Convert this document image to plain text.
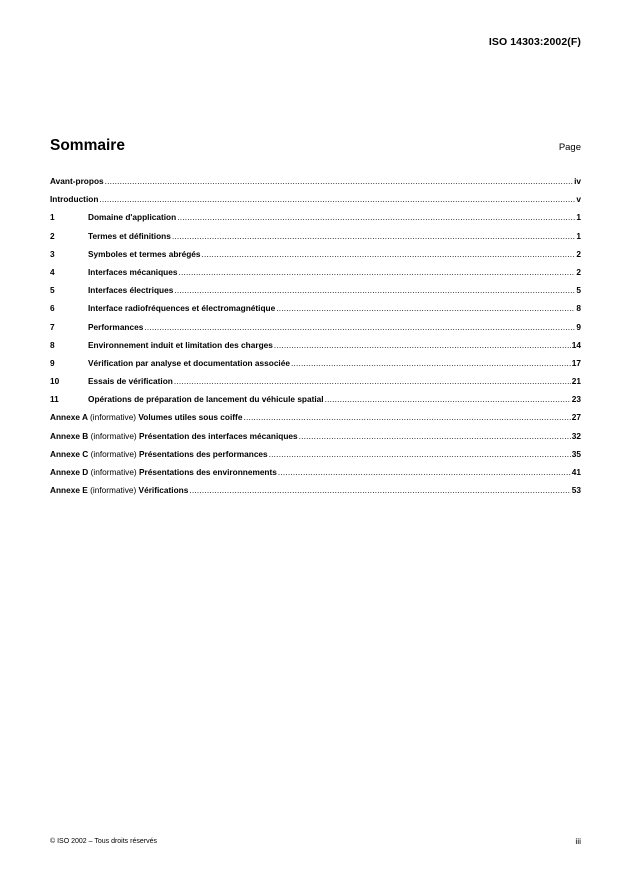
ISO 14303:2002(F)
Sommaire	Page
Avant-propos .....	iv
Introduction .....	v
1	Domaine d'application .....	1
2	Termes et définitions .....	1
3	Symboles et termes abrégés .....	2
4	Interfaces mécaniques .....	2
5	Interfaces électriques .....	5
6	Interface radiofréquences et électromagnétique .....	8
7	Performances .....	9
8	Environnement induit et limitation des charges .....	14
9	Vérification par analyse et documentation associée .....	17
10	Essais de vérification .....	21
11	Opérations de préparation de lancement du véhicule spatial .....	23
Annexe A (informative) Volumes utiles sous coiffe .....	27
Annexe B (informative) Présentation des interfaces mécaniques .....	32
Annexe C (informative) Présentations des performances .....	35
Annexe D (informative) Présentations des environnements .....	41
Annexe E (informative) Vérifications .....	53
© ISO 2002 – Tous droits réservés	iii
